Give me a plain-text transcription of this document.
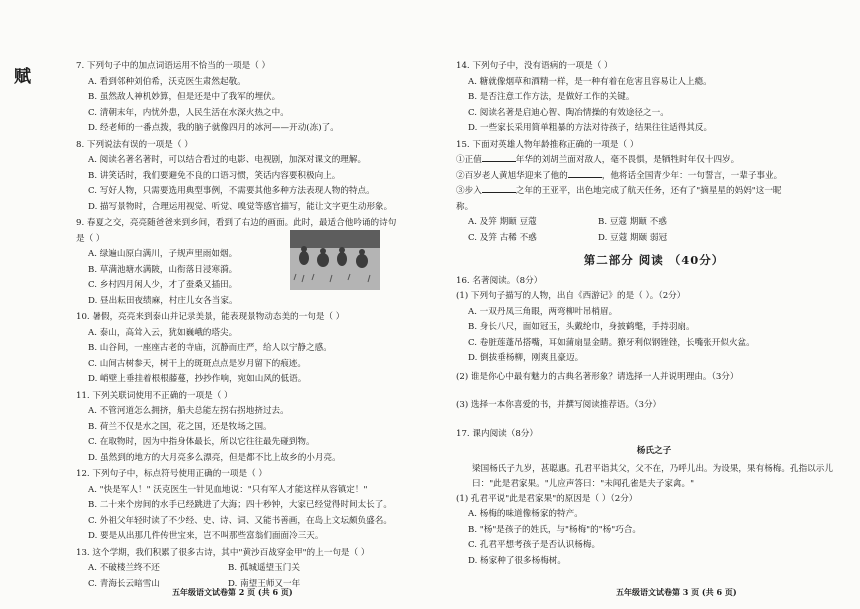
赋
7. 下列句子中的加点词语运用不恰当的一项是（ ）
A. 看到邻种刘伯希，沃克医生肃然起敬。
B. 虽然敌人神机妙算，但是还是中了我军的埋伏。
C. 清朝末年，内忧外患，人民生活在水深火热之中。
D. 经老师的一番点拨，我的脑子就像四月的冰河——开动(冻)了。
8. 下列说法有误的一项是（ ）
A. 阅读名著名著时，可以结合看过的电影、电视剧，加深对课文的理解。
B. 讲笑话时，我们要避免不良的口语习惯，笑话内容要积极向上。
C. 写好人物，只需要选用典型事例，不需要其他多种方法表现人物的特点。
D. 描写景物时，合理运用视觉、听觉、嗅觉等感官描写，能让文字更生动形象。
9. 春夏之交，亮亮随爸爸来到乡间，看到了右边的画面。此时，最适合他吟诵的诗句
是（ ）
A. 绿遍山原白满川，子规声里雨如烟。
B. 草满池塘水满陂，山衔落日浸寒漪。
C. 乡村四月闲人少，才了蚕桑又插田。
D. 昼出耘田夜绩麻，村庄儿女各当家。
10. 暑假，亮亮来到泰山并记录美景，能表现景物动态美的一句是（ ）
A. 泰山，高耸入云，犹如巍峨的塔尖。
B. 山谷间，一座座古老的寺庙，沉静而庄严，给人以宁静之感。
C. 山间古树参天，树干上的斑斑点点是岁月留下的痕迹。
D. 峭壁上垂挂着根根藤蔓，抄抄作响，宛如山风的低语。
11. 下列关联词使用不正确的一项是（ ）
A. 不管河道怎么拥挤，船夫总能左拐右拐地挤过去。
B. 荷兰不仅是水之国，花之国，还是牧场之国。
C. 在取物时，因为中指身体最长，所以它往往最先碰到物。
D. 虽然到的地方的大月亮多么漂亮，但是都不比上故乡的小月亮。
12. 下列句子中，标点符号使用正确的一项是（ ）
A. "快是军人！" 沃克医生一针见血地说："只有军人才能这样从容镇定！"
B. 二十来个房间的水手已经跳进了大海；四十秒钟，大家已经觉得时间太长了。
C. 外祖父年轻时读了不少经、史、诗、词、又能书善画，在岛上文坛颇负盛名。
D. 要是从出那几件传世宝来，岂不叫那些富翁们面面冷三天。
13. 这个学期，我们积累了很多古诗，其中"黄沙百战穿金甲"的上一句是（ ）
A. 不破楼兰终不还	B. 孤城遥望玉门关
C. 青海长云暗雪山	D. 南望王师又一年
五年级语文试卷第 2 页 (共 6 页)
14. 下列句子中，没有语病的一项是（ ）
A. 糖就像烟草和酒精一样，是一种有着在危害且容易让人上瘾。
B. 是否注意工作方法，是做好工作的关键。
C. 阅读名著是启迪心智、陶冶情操的有效途径之一。
D. 一些家长采用简单粗暴的方法对待孩子，结果往往适得其反。
15. 下面对英雄人物年龄推称正确的一项是（ ）
①正值	年华的刘胡兰面对敌人，毫不畏惧，是牺牲时年仅十四岁。
②百岁老人黄旭华迎来了他的	，他将话全国青少年：一句誓言，一辈子事业。
③步入	之年的王亚平，出色地完成了航天任务，还有了"摘星星的妈妈"这一昵
称。
A. 及笄 期颐 豆蔻	B. 豆蔻 期颐 不惑
C. 及笄 古稀 不惑	D. 豆蔻 期颐 弱冠
第二部分 阅读 （40分）
16. 名著阅读。（8分）
(1) 下列句子描写的人物，出自《西游记》的是（ ）。（2分）
A. 一双丹凤三角眼，两弯柳叶吊梢眉。
B. 身长八尺，面如冠玉，头戴纶巾，身披鹤氅，手持羽扇。
C. 卷脏莲蓬吊搭嘴，耳如蒲扇显金睛。獠牙利似钢锉锉，长嘴张开似火盆。
D. 倒拔垂杨柳，刚爽且豪迈。
(2) 谁是你心中最有魅力的古典名著形象？请选择一人并说明理由。（3分）
(3) 选择一本你喜爱的书，并撰写阅读推荐语。（3分）
17. 课内阅读（8分）
杨氏之子
梁国杨氏子九岁，甚聪惠。孔君平诣其父，父不在，乃呼儿出。为设果，果有杨梅。孔指以示儿曰："此是君家果。"儿应声答曰："未闻孔雀是夫子家禽。"
(1) 孔君平说"此是君家果"的原因是（ ）（2分）
A. 杨梅的味道像杨家的特产。
B. "杨"是孩子的姓氏，与"杨梅"的"杨"巧合。
C. 孔君平想考孩子是否认识杨梅。
D. 杨家种了很多杨梅树。
五年级语文试卷第 3 页 (共 6 页)
